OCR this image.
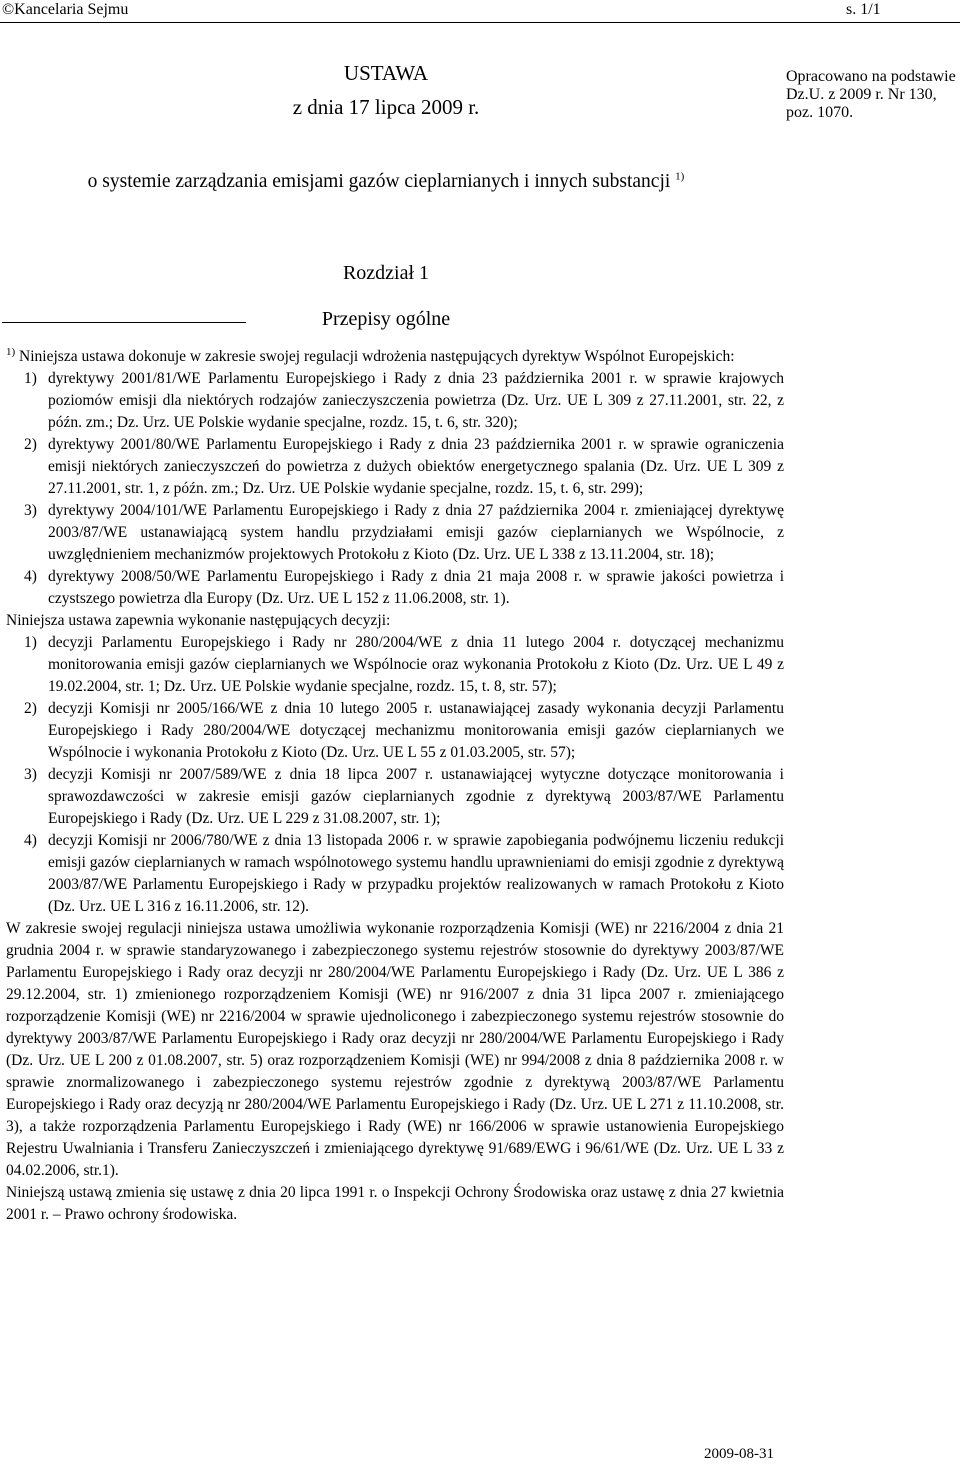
©Kancelaria Sejmu	s. 1/1
USTAWA
z dnia 17 lipca 2009 r.
Opracowano na podstawie Dz.U. z 2009 r. Nr 130, poz. 1070.
o systemie zarządzania emisjami gazów cieplarnianych i innych substancji $^{1)}$
Rozdział 1
Przepisy ogólne

$^{1)}$ Niniejsza ustawa dokonuje w zakresie swojej regulacji wdrożenia następujących dyrektyw Wspólnot Europejskich:

1) dyrektywy 2001/81/WE Parlamentu Europejskiego i Rady z dnia 23 października 2001 r. w sprawie krajowych poziomów emisji dla niektórych rodzajów zanieczyszczenia powietrza (Dz. Urz. UE L 309 z 27.11.2001, str. 22, z późn. zm.; Dz. Urz. UE Polskie wydanie specjalne, rozdz. 15, t. 6, str. 320);
2) dyrektywy 2001/80/WE Parlamentu Europejskiego i Rady z dnia 23 października 2001 r. w sprawie ograniczenia emisji niektórych zanieczyszczeń do powietrza z dużych obiektów energetycznego spalania (Dz. Urz. UE L 309 z 27.11.2001, str. 1, z późn. zm.; Dz. Urz. UE Polskie wydanie specjalne, rozdz. 15, t. 6, str. 299);
3) dyrektywy 2004/101/WE Parlamentu Europejskiego i Rady z dnia 27 października 2004 r. zmieniającej dyrektywę 2003/87/WE ustanawiającą system handlu przydziałami emisji gazów cieplarnianych we Wspólnocie, z uwzględnieniem mechanizmów projektowych Protokołu z Kioto (Dz. Urz. UE L 338 z 13.11.2004, str. 18);
4) dyrektywy 2008/50/WE Parlamentu Europejskiego i Rady z dnia 21 maja 2008 r. w sprawie jakości powietrza i czystszego powietrza dla Europy (Dz. Urz. UE L 152 z 11.06.2008, str. 1).

Niniejsza ustawa zapewnia wykonanie następujących decyzji:

1) decyzji Parlamentu Europejskiego i Rady nr 280/2004/WE z dnia 11 lutego 2004 r. dotyczącej mechanizmu monitorowania emisji gazów cieplarnianych we Wspólnocie oraz wykonania Protokołu z Kioto (Dz. Urz. UE L 49 z 19.02.2004, str. 1; Dz. Urz. UE Polskie wydanie specjalne, rozdz. 15, t. 8, str. 57);
2) decyzji Komisji nr 2005/166/WE z dnia 10 lutego 2005 r. ustanawiającej zasady wykonania decyzji Parlamentu Europejskiego i Rady 280/2004/WE dotyczącej mechanizmu monitorowania emisji gazów cieplarnianych we Wspólnocie i wykonania Protokołu z Kioto (Dz. Urz. UE L 55 z 01.03.2005, str. 57);
3) decyzji Komisji nr 2007/589/WE z dnia 18 lipca 2007 r. ustanawiającej wytyczne dotyczące monitorowania i sprawozdawczości w zakresie emisji gazów cieplarnianych zgodnie z dyrektywą 2003/87/WE Parlamentu Europejskiego i Rady (Dz. Urz. UE L 229 z 31.08.2007, str. 1);
4) decyzji Komisji nr 2006/780/WE z dnia 13 listopada 2006 r. w sprawie zapobiegania podwójnemu liczeniu redukcji emisji gazów cieplarnianych w ramach wspólnotowego systemu handlu uprawnieniami do emisji zgodnie z dyrektywą 2003/87/WE Parlamentu Europejskiego i Rady w przypadku projektów realizowanych w ramach Protokołu z Kioto (Dz. Urz. UE L 316 z 16.11.2006, str. 12).

W zakresie swojej regulacji niniejsza ustawa umożliwia wykonanie rozporządzenia Komisji (WE) nr 2216/2004 z dnia 21 grudnia 2004 r. w sprawie standaryzowanego i zabezpieczonego systemu rejestrów stosownie do dyrektywy 2003/87/WE Parlamentu Europejskiego i Rady oraz decyzji nr 280/2004/WE Parlamentu Europejskiego i Rady (Dz. Urz. UE L 386 z 29.12.2004, str. 1) zmienionego rozporządzeniem Komisji (WE) nr 916/2007 z dnia 31 lipca 2007 r. zmieniającego rozporządzenie Komisji (WE) nr 2216/2004 w sprawie ujednoliconego i zabezpieczonego systemu rejestrów stosownie do dyrektywy 2003/87/WE Parlamentu Europejskiego i Rady oraz decyzji nr 280/2004/WE Parlamentu Europejskiego i Rady (Dz. Urz. UE L 200 z 01.08.2007, str. 5) oraz rozporządzeniem Komisji (WE) nr 994/2008 z dnia 8 października 2008 r. w sprawie znormalizowanego i zabezpieczonego systemu rejestrów zgodnie z dyrektywą 2003/87/WE Parlamentu Europejskiego i Rady oraz decyzją nr 280/2004/WE Parlamentu Europejskiego i Rady (Dz. Urz. UE L 271 z 11.10.2008, str. 3), a także rozporządzenia Parlamentu Europejskiego i Rady (WE) nr 166/2006 w sprawie ustanowienia Europejskiego Rejestru Uwalniania i Transferu Zanieczyszczeń i zmieniającego dyrektywę 91/689/EWG i 96/61/WE (Dz. Urz. UE L 33 z 04.02.2006, str.1).

Niniejszą ustawą zmienia się ustawę z dnia 20 lipca 1991 r. o Inspekcji Ochrony Środowiska oraz ustawę z dnia 27 kwietnia 2001 r. – Prawo ochrony środowiska.

2009-08-31
